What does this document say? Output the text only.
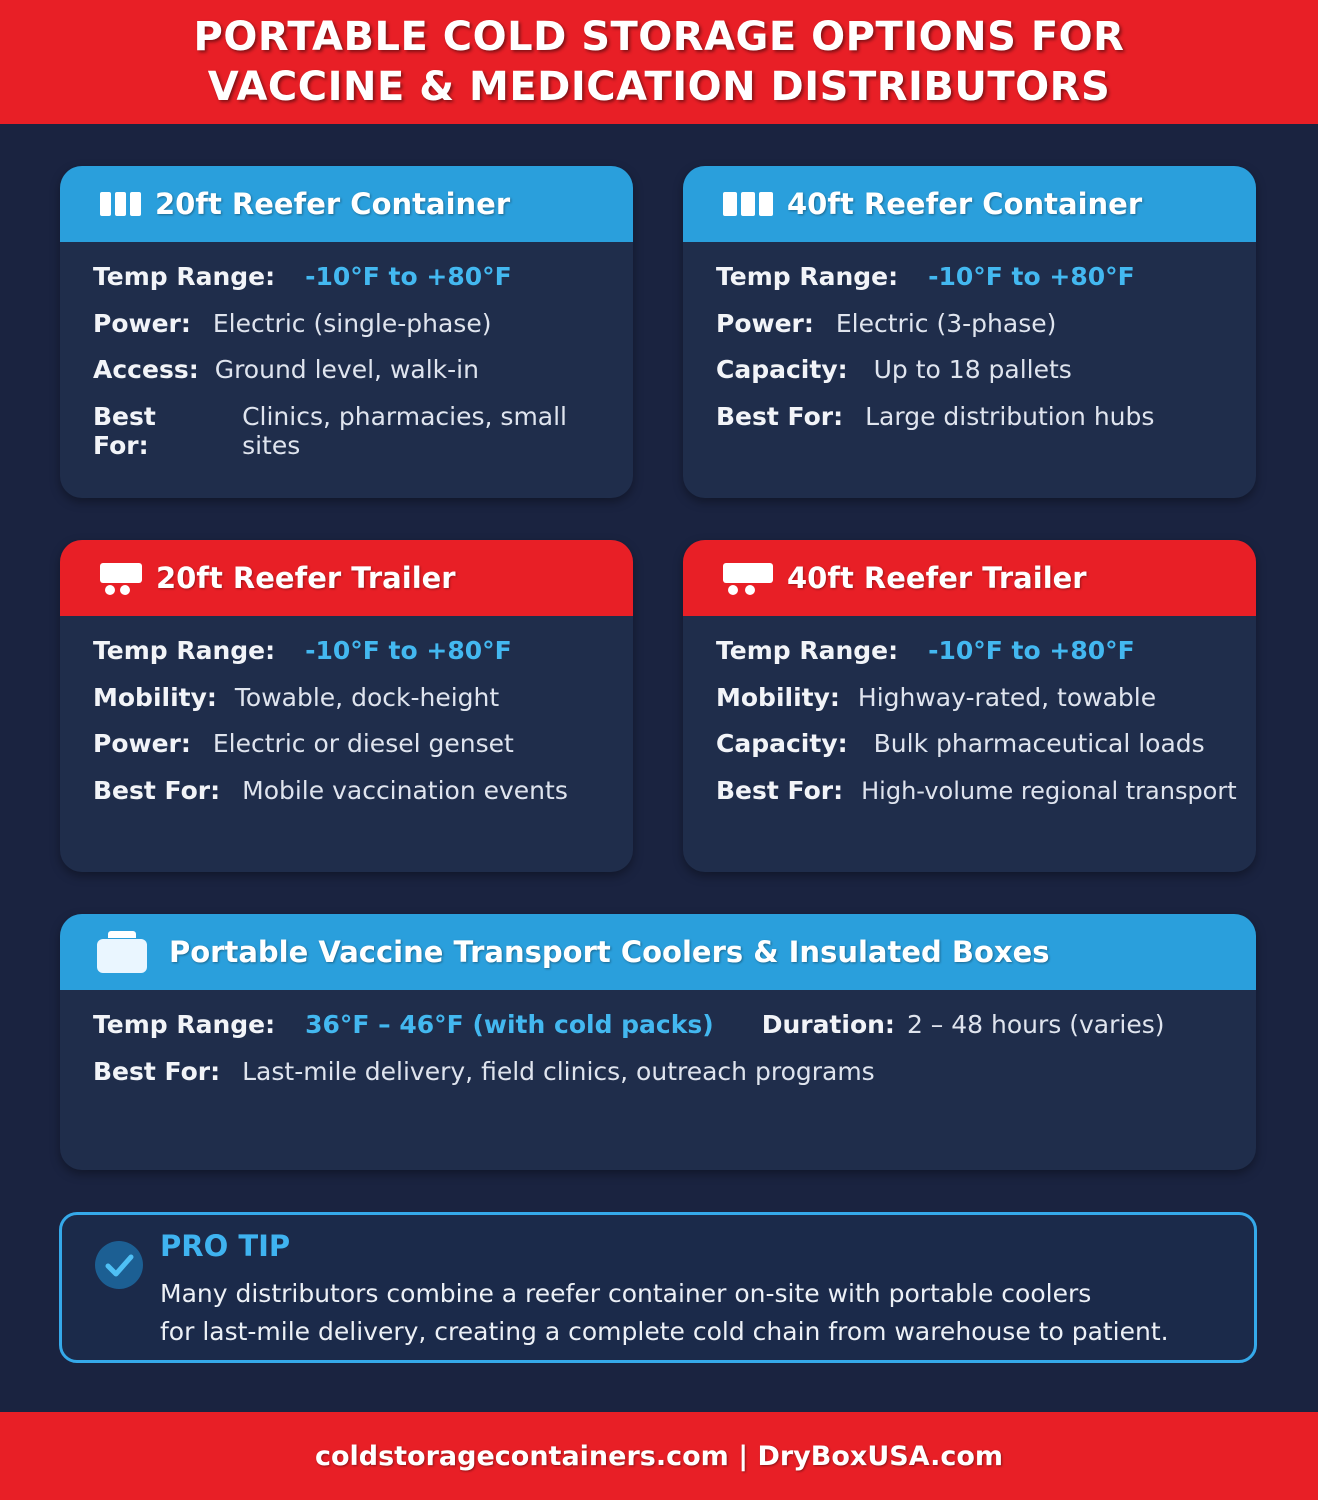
PORTABLE COLD STORAGE OPTIONS FOR
VACCINE & MEDICATION DISTRIBUTORS
20ft Reefer Container
Temp Range: -10°F to +80°F
Power: Electric (single-phase)
Access: Ground level, walk-in
Best For:
Clinics, pharmacies, small sites
40ft Reefer Container
Temp Range: -10°F to +80°F
Power: Electric (3-phase)
Capacity: Up to 18 pallets
Best For: Large distribution hubs
20ft Reefer Trailer
Temp Range: -10°F to +80°F
Mobility: Towable, dock-height
Power: Electric or diesel genset
Best For: Mobile vaccination events
40ft Reefer Trailer
Temp Range: -10°F to +80°F
Mobility: Highway-rated, towable
Capacity: Bulk pharmaceutical loads
Best For: High-volume regional transport
Portable Vaccine Transport Coolers & Insulated Boxes
Temp Range: 36°F – 46°F (with cold packs) Duration: 2 – 48 hours (varies)
Best For: Last-mile delivery, field clinics, outreach programs
PRO TIP
Many distributors combine a reefer container on-site with portable coolers
for last-mile delivery, creating a complete cold chain from warehouse to patient.
coldstoragecontainers.com | DryBoxUSA.com
